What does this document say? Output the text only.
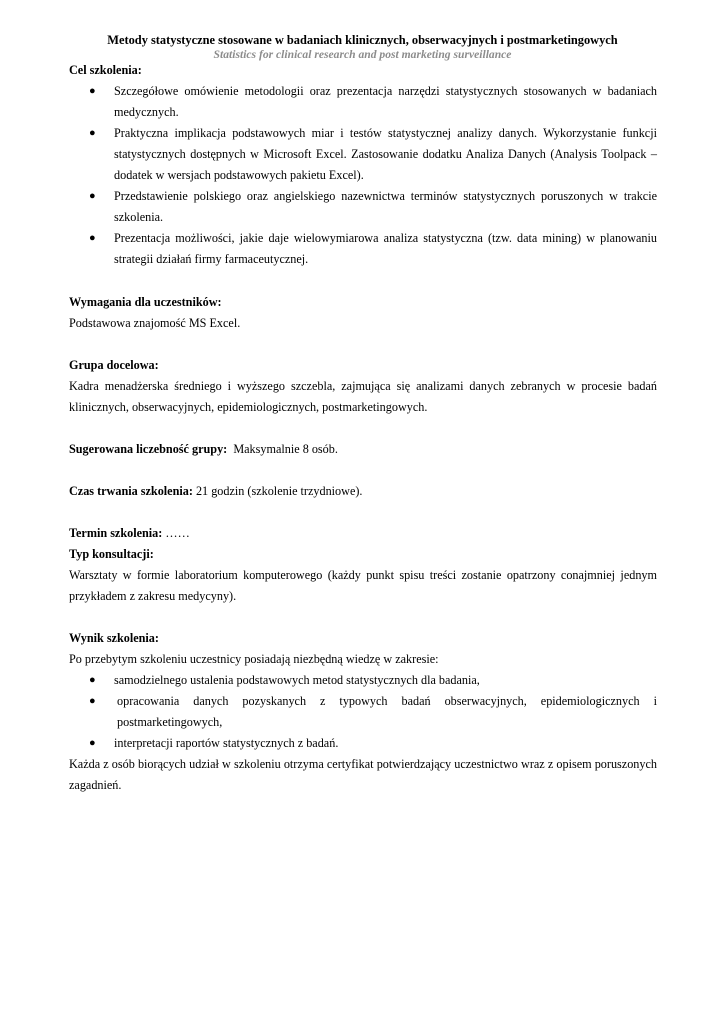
Metody statystyczne stosowane w badaniach klinicznych, obserwacyjnych i postmarketingowych
Statistics for clinical research and post marketing surveillance
Cel szkolenia:
● Szczegółowe omówienie metodologii oraz prezentacja narzędzi statystycznych stosowanych w badaniach medycznych.
● Praktyczna implikacja podstawowych miar i testów statystycznej analizy danych. Wykorzystanie funkcji statystycznych dostępnych w Microsoft Excel. Zastosowanie dodatku Analiza Danych (Analysis Toolpack – dodatek w wersjach podstawowych pakietu Excel).
● Przedstawienie polskiego oraz angielskiego nazewnictwa terminów statystycznych poruszonych w trakcie szkolenia.
● Prezentacja możliwości, jakie daje wielowymiarowa analiza statystyczna (tzw. data mining) w planowaniu strategii działań firmy farmaceutycznej.
Wymagania dla uczestników:
Podstawowa znajomość MS Excel.
Grupa docelowa:
Kadra menadżerska średniego i wyższego szczebla, zajmująca się analizami danych zebranych w procesie badań klinicznych, obserwacyjnych, epidemiologicznych, postmarketingowych.
Sugerowana liczebność grupy: Maksymalnie 8 osób.
Czas trwania szkolenia: 21 godzin (szkolenie trzydniowe).
Termin szkolenia: ……
Typ konsultacji:
Warsztaty w formie laboratorium komputerowego (każdy punkt spisu treści zostanie opatrzony conajmniej jednym przykładem z zakresu medycyny).
Wynik szkolenia:
Po przebytym szkoleniu uczestnicy posiadają niezbędną wiedzę w zakresie:
● samodzielnego ustalenia podstawowych metod statystycznych dla badania,
● opracowania danych pozyskanych z typowych badań obserwacyjnych, epidemiologicznych i postmarketingowych,
● interpretacji raportów statystycznych z badań.
Każda z osób biorących udział w szkoleniu otrzyma certyfikat potwierdzający uczestnictwo wraz z opisem poruszonych zagadnień.
